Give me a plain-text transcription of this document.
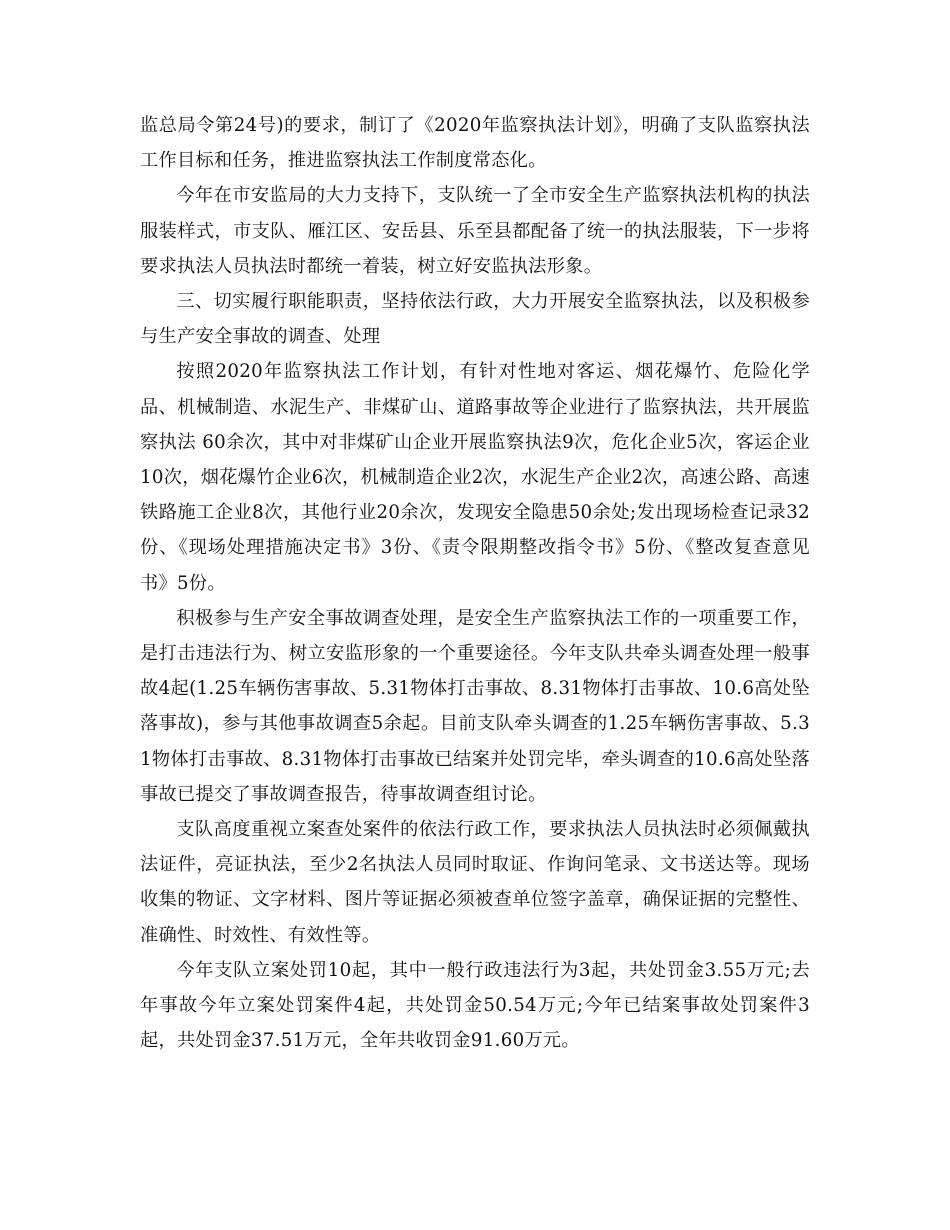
监总局令第24号)的要求，制订了《2020年监察执法计划》，明确了支队监察执法工作目标和任务，推进监察执法工作制度常态化。

今年在市安监局的大力支持下，支队统一了全市安全生产监察执法机构的执法服装样式，市支队、雁江区、安岳县、乐至县都配备了统一的执法服装，下一步将要求执法人员执法时都统一着装，树立好安监执法形象。

三、切实履行职能职责，坚持依法行政，大力开展安全监察执法，以及积极参与生产安全事故的调查、处理

按照2020年监察执法工作计划，有针对性地对客运、烟花爆竹、危险化学品、机械制造、水泥生产、非煤矿山、道路事故等企业进行了监察执法，共开展监察执法 60余次，其中对非煤矿山企业开展监察执法9次，危化企业5次，客运企业10次，烟花爆竹企业6次，机械制造企业2次，水泥生产企业2次，高速公路、高速铁路施工企业8次，其他行业20余次，发现安全隐患50余处;发出现场检查记录32份、《现场处理措施决定书》3份、《责令限期整改指令书》5份、《整改复查意见书》5份。

积极参与生产安全事故调查处理，是安全生产监察执法工作的一项重要工作，是打击违法行为、树立安监形象的一个重要途径。今年支队共牵头调查处理一般事故4起(1.25车辆伤害事故、5.31物体打击事故、8.31物体打击事故、10.6高处坠落事故)，参与其他事故调查5余起。目前支队牵头调查的1.25车辆伤害事故、5.31物体打击事故、8.31物体打击事故已结案并处罚完毕，牵头调查的10.6高处坠落事故已提交了事故调查报告，待事故调查组讨论。

支队高度重视立案查处案件的依法行政工作，要求执法人员执法时必须佩戴执法证件，亮证执法，至少2名执法人员同时取证、作询问笔录、文书送达等。现场收集的物证、文字材料、图片等证据必须被查单位签字盖章，确保证据的完整性、准确性、时效性、有效性等。

今年支队立案处罚10起，其中一般行政违法行为3起，共处罚金3.55万元;去年事故今年立案处罚案件4起，共处罚金50.54万元;今年已结案事故处罚案件3起，共处罚金37.51万元，全年共收罚金91.60万元。
